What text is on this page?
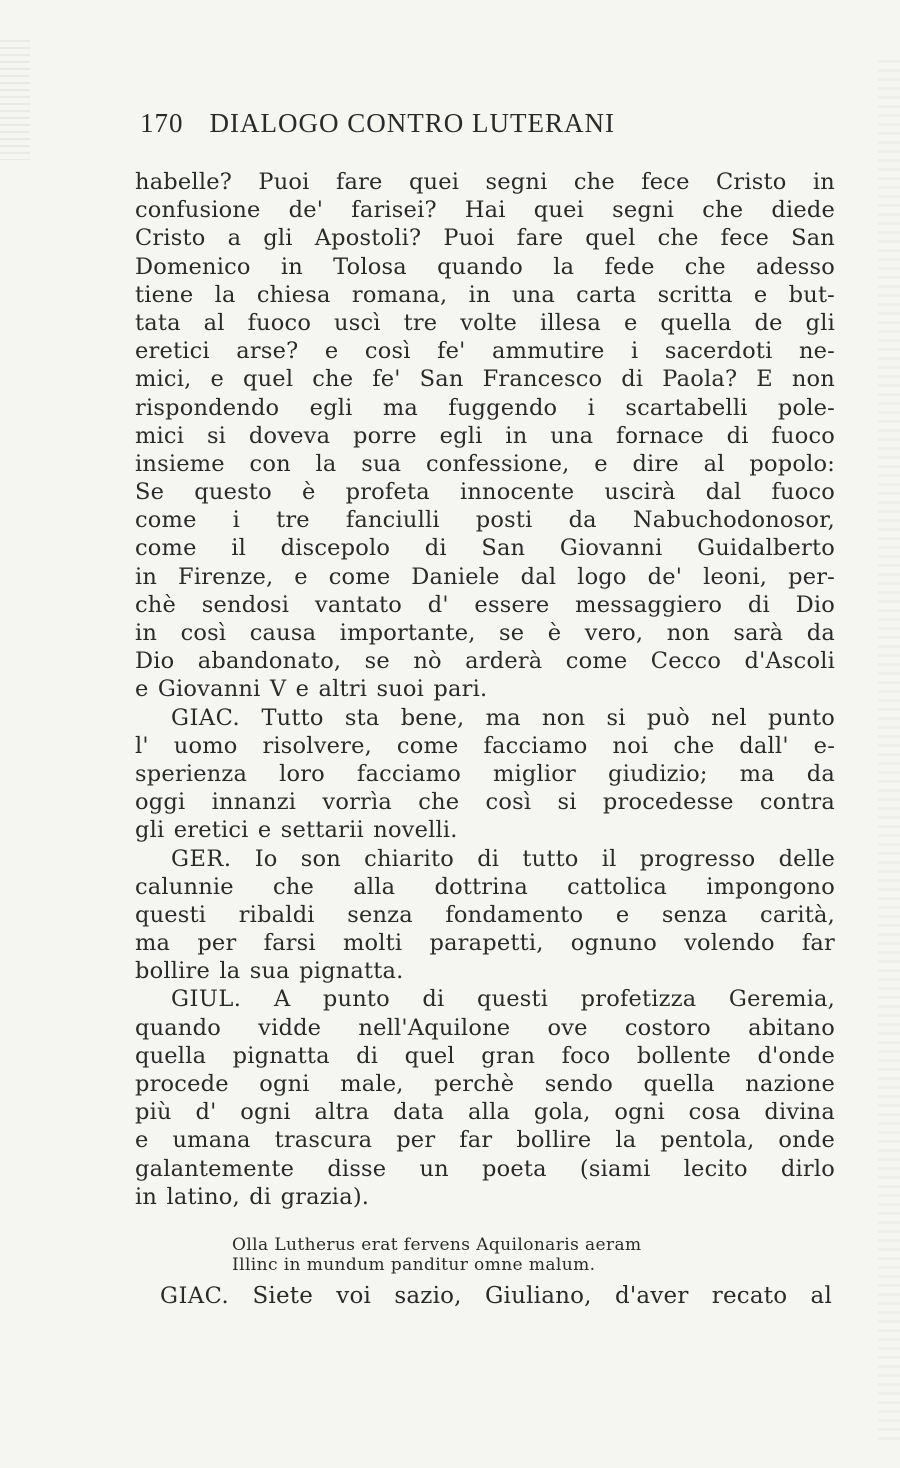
170 DIALOGO CONTRO LUTERANI
habelle? Puoi fare quei segni che fece Cristo in
confusione de' farisei? Hai quei segni che diede
Cristo a gli Apostoli? Puoi fare quel che fece San
Domenico in Tolosa quando la fede che adesso
tiene la chiesa romana, in una carta scritta e but-
tata al fuoco uscì tre volte illesa e quella de gli
eretici arse? e così fe' ammutire i sacerdoti ne-
mici, e quel che fe' San Francesco di Paola? E non
rispondendo egli ma fuggendo i scartabelli pole-
mici si doveva porre egli in una fornace di fuoco
insieme con la sua confessione, e dire al popolo:
Se questo è profeta innocente uscirà dal fuoco
come i tre fanciulli posti da Nabuchodonosor,
come il discepolo di San Giovanni Guidalberto
in Firenze, e come Daniele dal logo de' leoni, per-
chè sendosi vantato d' essere messaggiero di Dio
in così causa importante, se è vero, non sarà da
Dio abandonato, se nò arderà come Cecco d'Ascoli
e Giovanni V e altri suoi pari.
GIAC. Tutto sta bene, ma non si può nel punto
l' uomo risolvere, come facciamo noi che dall' e-
sperienza loro facciamo miglior giudizio; ma da
oggi innanzi vorrìa che così si procedesse contra
gli eretici e settarii novelli.
GER. Io son chiarito di tutto il progresso delle
calunnie che alla dottrina cattolica impongono
questi ribaldi senza fondamento e senza carità,
ma per farsi molti parapetti, ognuno volendo far
bollire la sua pignatta.
GIUL. A punto di questi profetizza Geremia,
quando vidde nell'Aquilone ove costoro abitano
quella pignatta di quel gran foco bollente d'onde
procede ogni male, perchè sendo quella nazione
più d' ogni altra data alla gola, ogni cosa divina
e umana trascura per far bollire la pentola, onde
galantemente disse un poeta (siami lecito dirlo
in latino, di grazia).
Olla Lutherus erat fervens Aquilonaris aeram
Illinc in mundum panditur omne malum.
GIAC. Siete voi sazio, Giuliano, d'aver recato al
